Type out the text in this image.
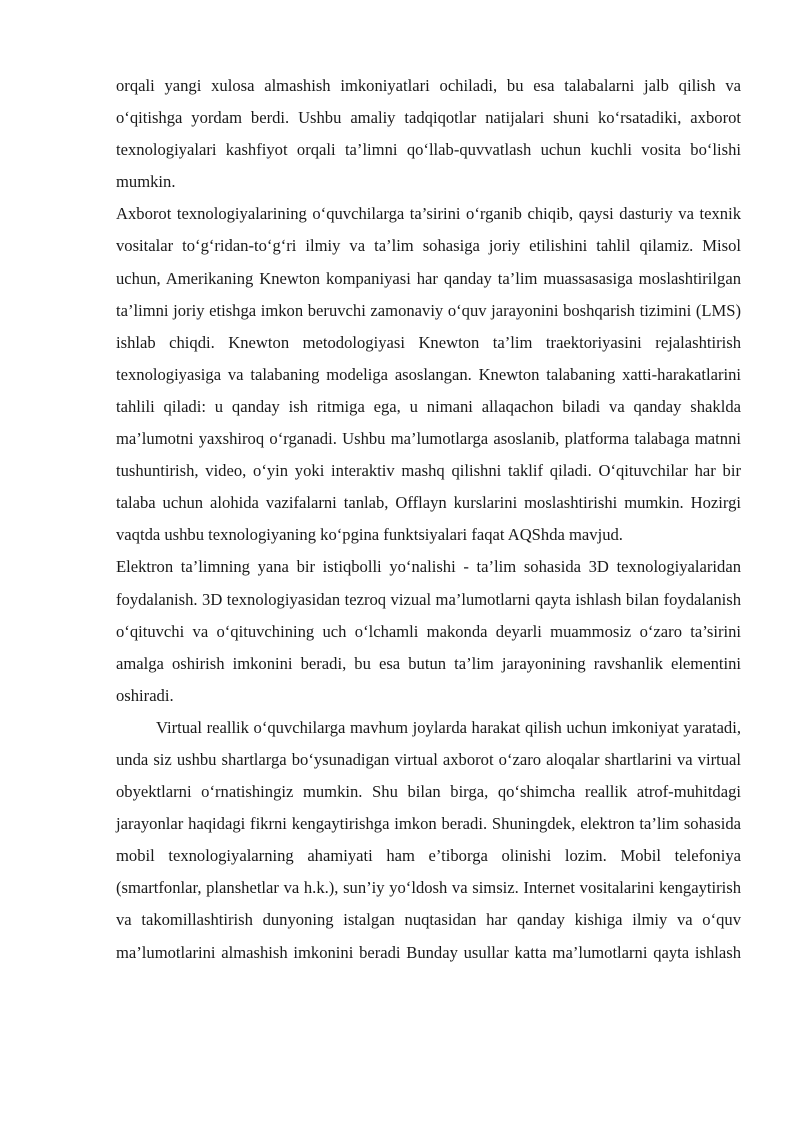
orqali yangi xulosa almashish imkoniyatlari ochiladi, bu esa talabalarni jalb qilish va o‘qitishga yordam berdi. Ushbu amaliy tadqiqotlar natijalari shuni ko‘rsatadiki, axborot texnologiyalari kashfiyot orqali ta’limni qo‘llab-quvvatlash uchun kuchli vosita bo‘lishi mumkin.

Axborot texnologiyalarining o‘quvchilarga ta’sirini o‘rganib chiqib, qaysi dasturiy va texnik vositalar to‘g‘ridan-to‘g‘ri ilmiy va ta’lim sohasiga joriy etilishini tahlil qilamiz. Misol uchun, Amerikaning Knewton kompaniyasi har qanday ta’lim muassasasiga moslashtirilgan ta’limni joriy etishga imkon beruvchi zamonaviy o‘quv jarayonini boshqarish tizimini (LMS) ishlab chiqdi. Knewton metodologiyasi Knewton ta’lim traektoriyasini rejalashtirish texnologiyasiga va talabaning modeliga asoslangan. Knewton talabaning xatti-harakatlarini tahlili qiladi: u qanday ish ritmiga ega, u nimani allaqachon biladi va qanday shaklda ma’lumotni yaxshiroq o‘rganadi. Ushbu ma’lumotlarga asoslanib, platforma talabaga matnni tushuntirish, video, o‘yin yoki interaktiv mashq qilishni taklif qiladi. O‘qituvchilar har bir talaba uchun alohida vazifalarni tanlab, Offlayn kurslarini moslashtirishi mumkin. Hozirgi vaqtda ushbu texnologiyaning ko‘pgina funktsiyalari faqat AQShda mavjud.

Elektron ta’limning yana bir istiqbolli yo‘nalishi - ta’lim sohasida 3D texnologiyalaridan foydalanish. 3D texnologiyasidan tezroq vizual ma’lumotlarni qayta ishlash bilan foydalanish o‘qituvchi va o‘qituvchining uch o‘lchamli makonda deyarli muammosiz o‘zaro ta’sirini amalga oshirish imkonini beradi, bu esa butun ta’lim jarayonining ravshanlik elementini oshiradi.

Virtual reallik o‘quvchilarga mavhum joylarda harakat qilish uchun imkoniyat yaratadi, unda siz ushbu shartlarga bo‘ysunadigan virtual axborot o‘zaro aloqalar shartlarini va virtual obyektlarni o‘rnatishingiz mumkin. Shu bilan birga, qo‘shimcha reallik atrof-muhitdagi jarayonlar haqidagi fikrni kengaytirishga imkon beradi. Shuningdek, elektron ta’lim sohasida mobil texnologiyalarning ahamiyati ham e’tiborga olinishi lozim. Mobil telefoniya (smartfonlar, planshetlar va h.k.), sun’iy yo‘ldosh va simsiz. Internet vositalarini kengaytirish va takomillashtirish dunyoning istalgan nuqtasidan har qanday kishiga ilmiy va o‘quv ma’lumotlarini almashish imkonini beradi Bunday usullar katta ma’lumotlarni qayta ishlash
